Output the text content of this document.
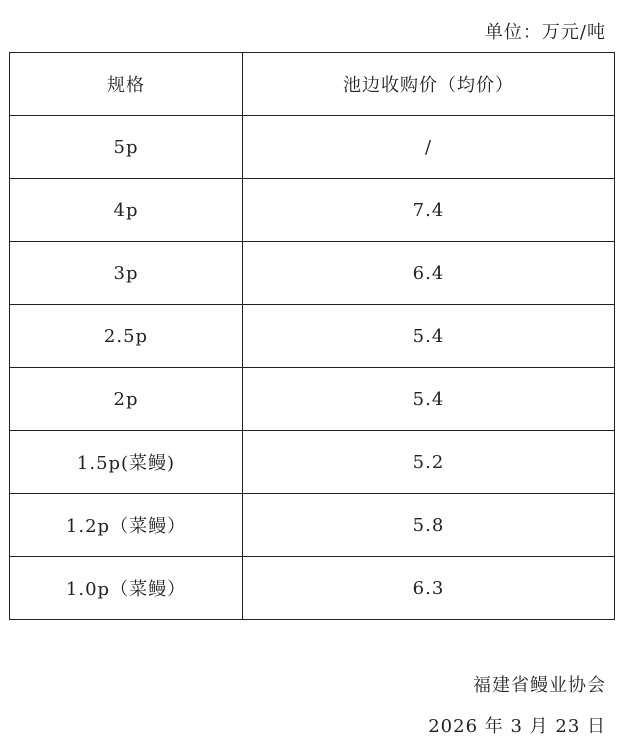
单位：万元/吨
规格	池边收购价（均价）
5p	/
4p	7.4
3p	6.4
2.5p	5.4
2p	5.4
1.5p(菜鳗)	5.2
1.2p（菜鳗）	5.8
1.0p（菜鳗）	6.3
福建省鳗业协会
2026 年 3 月 23 日
